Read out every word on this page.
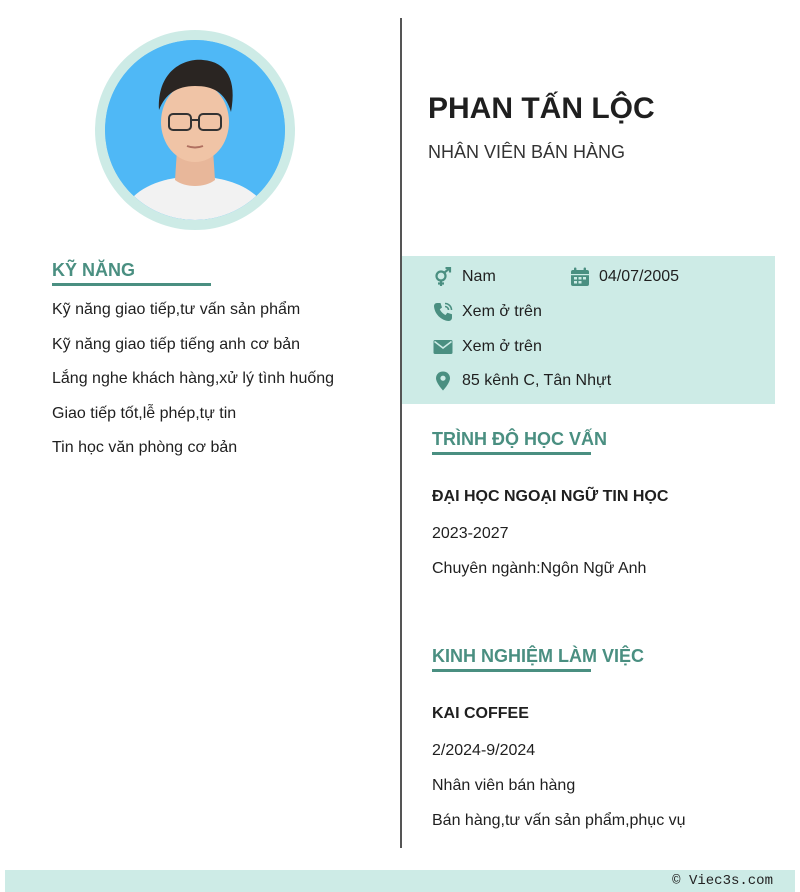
KỸ NĂNG
Kỹ năng giao tiếp,tư vấn sản phẩm
Kỹ năng giao tiếp tiếng anh cơ bản
Lắng nghe khách hàng,xử lý tình huống
Giao tiếp tốt,lễ phép,tự tin
Tin học văn phòng cơ bản
PHAN TẤN LỘC

NHÂN VIÊN BÁN HÀNG

Nam	04/07/2005
Xem ở trên
Xem ở trên
85 kênh C, Tân Nhựt
TRÌNH ĐỘ HỌC VẤN

ĐẠI HỌC NGOẠI NGỮ TIN HỌC

2023-2027

Chuyên ngành:Ngôn Ngữ Anh

KINH NGHIỆM LÀM VIỆC

KAI COFFEE

2/2024-9/2024

Nhân viên bán hàng

Bán hàng,tư vấn sản phẩm,phục vụ

© Viec3s.com
